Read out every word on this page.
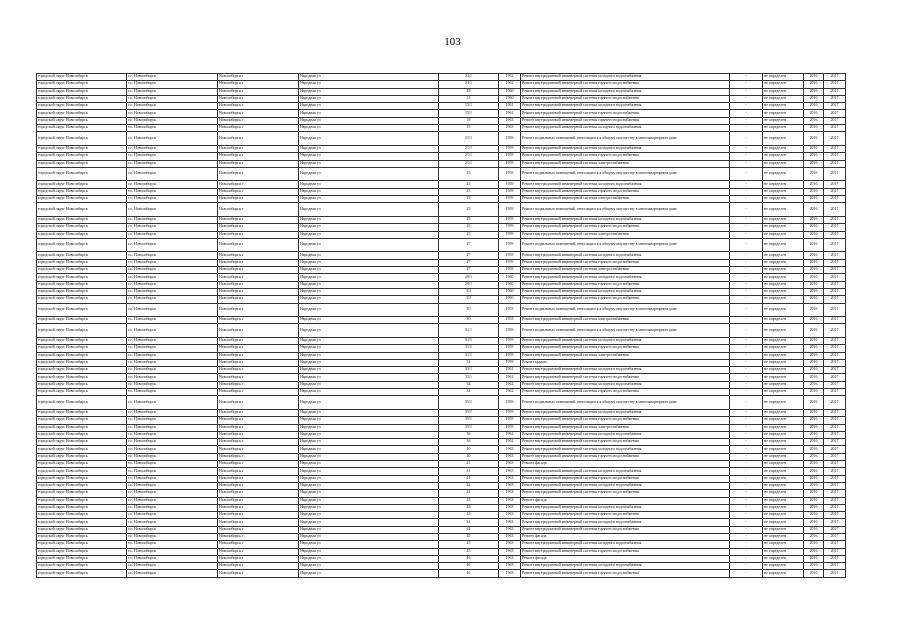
103
городской округ Новосибирск	г.о. Новосибирск	Новосибирск г	Народная ул	23/1	1962	Ремонт внутридомовой инженерной системы холодного водоснабжения	-	не определен	2016	2017
городской округ Новосибирск	г.о. Новосибирск	Новосибирск г	Народная ул	23/1	1962	Ремонт внутридомовой инженерной системы горячего водоснабжения	-	не определен	2016	2017
городской округ Новосибирск	г.о. Новосибирск	Новосибирск г	Народная ул	13	1960	Ремонт внутридомовой инженерной системы холодного водоснабжения	-	не определен	2016	2017
городской округ Новосибирск	г.о. Новосибирск	Новосибирск г	Народная ул	13	1960	Ремонт внутридомовой инженерной системы горячего водоснабжения	-	не определен	2016	2017
городской округ Новосибирск	г.о. Новосибирск	Новосибирск г	Народная ул	15/1	1961	Ремонт внутридомовой инженерной системы холодного водоснабжения	-	не определен	2016	2017
городской округ Новосибирск	г.о. Новосибирск	Новосибирск г	Народная ул	15/1	1961	Ремонт внутридомовой инженерной системы горячего водоснабжения	-	не определен	2016	2017
городской округ Новосибирск	г.о. Новосибирск	Новосибирск г	Народная ул	19	1963	Ремонт внутридомовой инженерной системы горячего водоснабжения	-	не определен	2016	2017
городской округ Новосибирск	г.о. Новосибирск	Новосибирск г	Народная ул	19	1963	Ремонт внутридомовой инженерной системы холодного водоснабжения	-	не определен	2016	2017
городской округ Новосибирск	г.о. Новосибирск	Новосибирск г	Народная ул	21/1	1959	Ремонт подвальных помещений, относящихся к общему имуществу в многоквартирном доме	-	не определен	2016	2017
городской округ Новосибирск	г.о. Новосибирск	Новосибирск г	Народная ул	21/1	1959	Ремонт внутридомовой инженерной системы холодного водоснабжения	-	не определен	2016	2017
городской округ Новосибирск	г.о. Новосибирск	Новосибирск г	Народная ул	21/1	1959	Ремонт внутридомовой инженерной системы горячего водоснабжения	-	не определен	2016	2017
городской округ Новосибирск	г.о. Новосибирск	Новосибирск г	Народная ул	21/1	1959	Ремонт внутридомовой инженерной системы электроснабжения	-	не определен	2016	2017
городской округ Новосибирск	г.о. Новосибирск	Новосибирск г	Народная ул	23	1959	Ремонт подвальных помещений, относящихся к общему имуществу в многоквартирном доме	-	не определен	2016	2017
городской округ Новосибирск	г.о. Новосибирск	Новосибирск г	Народная ул	23	1959	Ремонт внутридомовой инженерной системы холодного водоснабжения	-	не определен	2016	2017
городской округ Новосибирск	г.о. Новосибирск	Новосибирск г	Народная ул	23	1959	Ремонт внутридомовой инженерной системы горячего водоснабжения	-	не определен	2016	2017
городской округ Новосибирск	г.о. Новосибирск	Новосибирск г	Народная ул	23	1959	Ремонт внутридомовой инженерной системы электроснабжения	-	не определен	2016	2017
городской округ Новосибирск	г.о. Новосибирск	Новосибирск г	Народная ул	25	1959	Ремонт подвальных помещений, относящихся к общему имуществу в многоквартирном доме	-	не определен	2016	2017
городской округ Новосибирск	г.о. Новосибирск	Новосибирск г	Народная ул	25	1959	Ремонт внутридомовой инженерной системы холодного водоснабжения	-	не определен	2016	2017
городской округ Новосибирск	г.о. Новосибирск	Новосибирск г	Народная ул	25	1959	Ремонт внутридомовой инженерной системы горячего водоснабжения	-	не определен	2016	2017
городской округ Новосибирск	г.о. Новосибирск	Новосибирск г	Народная ул	25	1959	Ремонт внутридомовой инженерной системы электроснабжения	-	не определен	2016	2017
городской округ Новосибирск	г.о. Новосибирск	Новосибирск г	Народная ул	27	1959	Ремонт подвальных помещений, относящихся к общему имуществу в многоквартирном доме	-	не определен	2016	2017
городской округ Новосибирск	г.о. Новосибирск	Новосибирск г	Народная ул	27	1959	Ремонт внутридомовой инженерной системы холодного водоснабжения	-	не определен	2016	2017
городской округ Новосибирск	г.о. Новосибирск	Новосибирск г	Народная ул	27	1959	Ремонт внутридомовой инженерной системы горячего водоснабжения	-	не определен	2016	2017
городской округ Новосибирск	г.о. Новосибирск	Новосибирск г	Народная ул	27	1959	Ремонт внутридомовой инженерной системы электроснабжения	-	не определен	2016	2017
городской округ Новосибирск	г.о. Новосибирск	Новосибирск г	Народная ул	29/1	1960	Ремонт внутридомовой инженерной системы холодного водоснабжения	-	не определен	2016	2017
городской округ Новосибирск	г.о. Новосибирск	Новосибирск г	Народная ул	29/1	1960	Ремонт внутридомовой инженерной системы горячего водоснабжения	-	не определен	2016	2017
городской округ Новосибирск	г.о. Новосибирск	Новосибирск г	Народная ул	3/2	1960	Ремонт внутридомовой инженерной системы холодного водоснабжения	-	не определен	2016	2017
городской округ Новосибирск	г.о. Новосибирск	Новосибирск г	Народная ул	3/2	1960	Ремонт внутридомовой инженерной системы горячего водоснабжения	-	не определен	2016	2017
городской округ Новосибирск	г.о. Новосибирск	Новосибирск г	Народная ул	30	1953	Ремонт подвальных помещений, относящихся к общему имуществу в многоквартирном доме	-	не определен	2016	2017
городской округ Новосибирск	г.о. Новосибирск	Новосибирск г	Народная ул	30	1953	Ремонт внутридомовой инженерной системы электроснабжения	-	не определен	2016	2017
городской округ Новосибирск	г.о. Новосибирск	Новосибирск г	Народная ул	31/1	1959	Ремонт подвальных помещений, относящихся к общему имуществу в многоквартирном доме	-	не определен	2016	2017
городской округ Новосибирск	г.о. Новосибирск	Новосибирск г	Народная ул	31/1	1959	Ремонт внутридомовой инженерной системы холодного водоснабжения	-	не определен	2016	2017
городской округ Новосибирск	г.о. Новосибирск	Новосибирск г	Народная ул	31/1	1959	Ремонт внутридомовой инженерной системы горячего водоснабжения	-	не определен	2016	2017
городской округ Новосибирск	г.о. Новосибирск	Новосибирск г	Народная ул	31/1	1959	Ремонт внутридомовой инженерной системы электроснабжения	-	не определен	2016	2017
городской округ Новосибирск	г.о. Новосибирск	Новосибирск г	Народная ул	32	1959	Ремонт крыши	-	не определен	2016	2017
городской округ Новосибирск	г.о. Новосибирск	Новосибирск г	Народная ул	33/1	1961	Ремонт внутридомовой инженерной системы холодного водоснабжения	-	не определен	2016	2017
городской округ Новосибирск	г.о. Новосибирск	Новосибирск г	Народная ул	33/1	1961	Ремонт внутридомовой инженерной системы горячего водоснабжения	-	не определен	2016	2017
городской округ Новосибирск	г.о. Новосибирск	Новосибирск г	Народная ул	34	1962	Ремонт внутридомовой инженерной системы холодного водоснабжения	-	не определен	2016	2017
городской округ Новосибирск	г.о. Новосибирск	Новосибирск г	Народная ул	34	1962	Ремонт внутридомовой инженерной системы горячего водоснабжения	-	не определен	2016	2017
городской округ Новосибирск	г.о. Новосибирск	Новосибирск г	Народная ул	35/1	1959	Ремонт подвальных помещений, относящихся к общему имуществу в многоквартирном доме	-	не определен	2016	2017
городской округ Новосибирск	г.о. Новосибирск	Новосибирск г	Народная ул	35/1	1959	Ремонт внутридомовой инженерной системы холодного водоснабжения	-	не определен	2016	2017
городской округ Новосибирск	г.о. Новосибирск	Новосибирск г	Народная ул	35/1	1959	Ремонт внутридомовой инженерной системы горячего водоснабжения	-	не определен	2016	2017
городской округ Новосибирск	г.о. Новосибирск	Новосибирск г	Народная ул	35/1	1959	Ремонт внутридомовой инженерной системы электроснабжения	-	не определен	2016	2017
городской округ Новосибирск	г.о. Новосибирск	Новосибирск г	Народная ул	36	1962	Ремонт внутридомовой инженерной системы холодного водоснабжения	-	не определен	2016	2017
городской округ Новосибирск	г.о. Новосибирск	Новосибирск г	Народная ул	36	1962	Ремонт внутридомовой инженерной системы горячего водоснабжения	-	не определен	2016	2017
городской округ Новосибирск	г.о. Новосибирск	Новосибирск г	Народная ул	40	1963	Ремонт внутридомовой инженерной системы холодного водоснабжения	-	не определен	2016	2017
городской округ Новосибирск	г.о. Новосибирск	Новосибирск г	Народная ул	40	1963	Ремонт внутридомовой инженерной системы горячего водоснабжения	-	не определен	2016	2017
городской округ Новосибирск	г.о. Новосибирск	Новосибирск г	Народная ул	41	1963	Ремонт фасада	-	не определен	2016	2017
городской округ Новосибирск	г.о. Новосибирск	Новосибирск г	Народная ул	41	1963	Ремонт внутридомовой инженерной системы холодного водоснабжения	-	не определен	2016	2017
городской округ Новосибирск	г.о. Новосибирск	Новосибирск г	Народная ул	41	1963	Ремонт внутридомовой инженерной системы горячего водоснабжения	-	не определен	2016	2017
городской округ Новосибирск	г.о. Новосибирск	Новосибирск г	Народная ул	42	1963	Ремонт внутридомовой инженерной системы холодного водоснабжения	-	не определен	2016	2017
городской округ Новосибирск	г.о. Новосибирск	Новосибирск г	Народная ул	42	1963	Ремонт внутридомовой инженерной системы горячего водоснабжения	-	не определен	2016	2017
городской округ Новосибирск	г.о. Новосибирск	Новосибирск г	Народная ул	43	1963	Ремонт фасада	-	не определен	2016	2017
городской округ Новосибирск	г.о. Новосибирск	Новосибирск г	Народная ул	43	1963	Ремонт внутридомовой инженерной системы холодного водоснабжения	-	не определен	2016	2017
городской округ Новосибирск	г.о. Новосибирск	Новосибирск г	Народная ул	43	1963	Ремонт внутридомовой инженерной системы горячего водоснабжения	-	не определен	2016	2017
городской округ Новосибирск	г.о. Новосибирск	Новосибирск г	Народная ул	44	1963	Ремонт внутридомовой инженерной системы холодного водоснабжения	-	не определен	2016	2017
городской округ Новосибирск	г.о. Новосибирск	Новосибирск г	Народная ул	44	1963	Ремонт внутридомовой инженерной системы горячего водоснабжения	-	не определен	2016	2017
городской округ Новосибирск	г.о. Новосибирск	Новосибирск г	Народная ул	45	1963	Ремонт фасада	-	не определен	2016	2017
городской округ Новосибирск	г.о. Новосибирск	Новосибирск г	Народная ул	45	1963	Ремонт внутридомовой инженерной системы холодного водоснабжения	-	не определен	2016	2017
городской округ Новосибирск	г.о. Новосибирск	Новосибирск г	Народная ул	45	1963	Ремонт внутридомовой инженерной системы горячего водоснабжения	-	не определен	2016	2017
городской округ Новосибирск	г.о. Новосибирск	Новосибирск г	Народная ул	46	1963	Ремонт фасада	-	не определен	2016	2017
городской округ Новосибирск	г.о. Новосибирск	Новосибирск г	Народная ул	46	1963	Ремонт внутридомовой инженерной системы холодного водоснабжения	-	не определен	2016	2017
городской округ Новосибирск	г.о. Новосибирск	Новосибирск г	Народная ул	46	1963	Ремонт внутридомовой инженерной системы горячего водоснабжения	-	не определен	2016	2017
